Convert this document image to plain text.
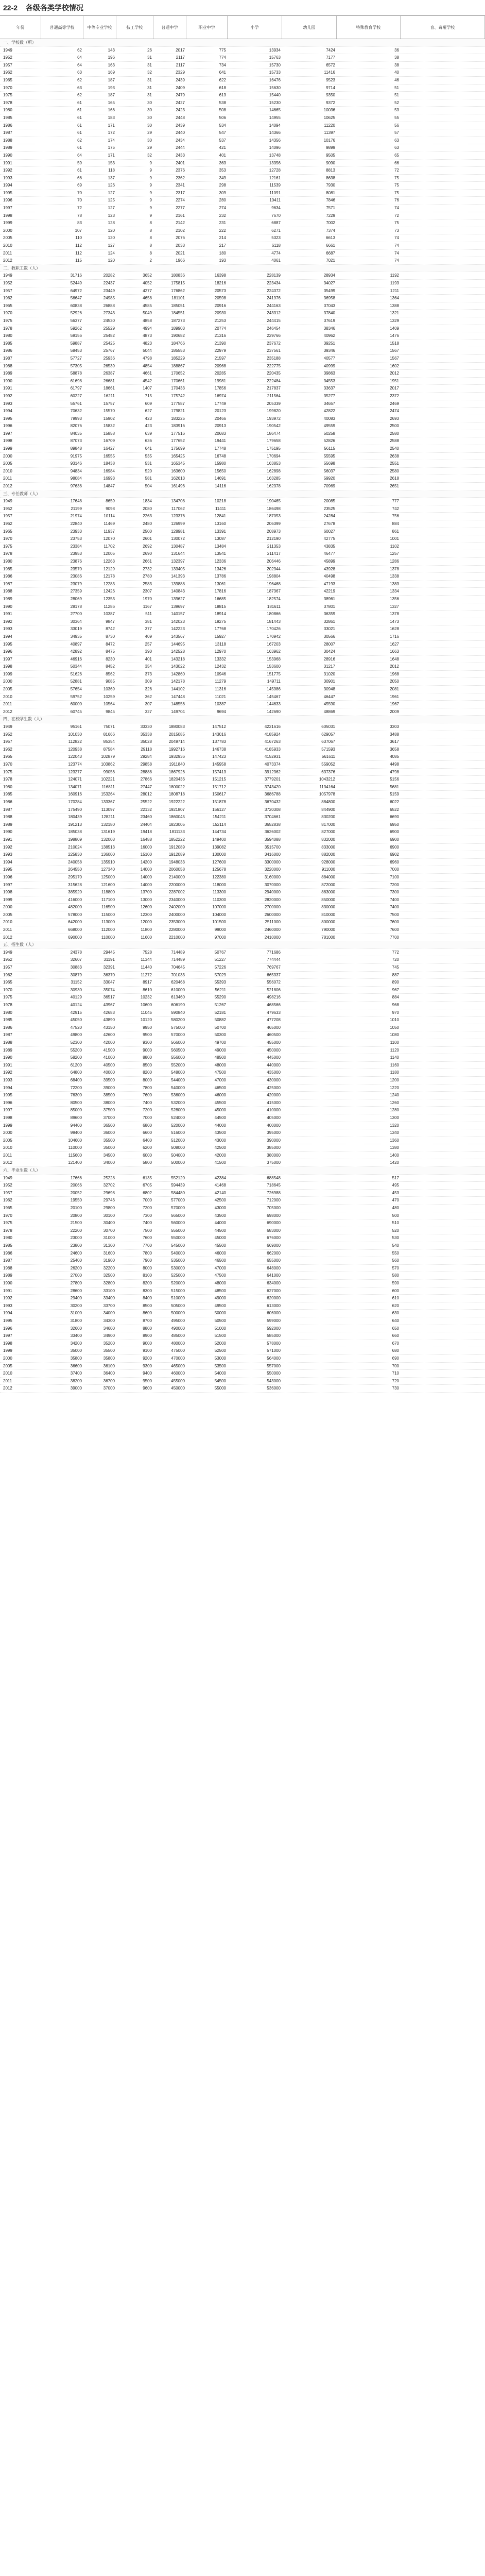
22-2 各级各类学校情况
年份	普通高等学校	中等专业学校	技工学校	普通中学	职业中学	小学	幼儿园	特殊教育学校	盲、聋哑学校
一、学校数（所）
1949	62	143	26	2017	775	13934	7424	36
1952	64	196	31	2117	774	15763	7177	38
1957	64	163	31	2117	734	15730	6572	38
1962	63	169	32	2329	641	15733	11416	40
1965	62	187	31	2439	622	16476	9523	46
1970	63	193	31	2409	618	15630	9714	51
1975	62	187	31	2479	613	15440	9350	51
1978	61	165	30	2427	538	15230	9372	52
1980	61	166	30	2423	508	14665	10036	53
1985	61	183	30	2448	506	14955	10625	55
1986	61	171	30	2439	534	14094	11220	56
1987	61	172	29	2440	547	14366	11397	57
1988	62	174	30	2434	537	14356	10176	63
1989	61	175	29	2444	421	14096	9899	63
1990	64	171	32	2433	401	13748	9505	65
1991	59	153	9	2401	363	13356	9090	66
1992	61	118	9	2376	353	12728	8813	72
1993	66	137	9	2362	349	12161	8638	75
1994	69	126	9	2341	298	11539	7930	75
1995	70	127	9	2317	309	11091	8081	75
1996	70	125	9	2274	280	10411	7846	76
1997	72	127	9	2277	274	9634	7571	74
1998	78	123	9	2161	232	7670	7229	72
1999	83	128	8	2142	231	6887	7002	75
2000	107	120	8	2102	222	6271	7374	73
2005	110	120	8	2076	214	5323	6613	74
2010	112	127	8	2033	217	6118	6661	74
2011	112	124	8	2021	180	4774	6687	74
2012	115	120	2	1966	193	4061	7021	74
二、教职工数（人）
1949	31716	20282	3652	180836	16398	228139	28934	1192
1952	52449	22437	4052	175815	18216	223434	34027	1193
1957	64972	23449	4277	176862	20573	224372	35499	1211
1962	56647	24985	4658	181101	20598	241976	36958	1364
1965	60838	26888	4585	185051	20916	244163	37043	1388
1970	52926	27343	5049	184551	20930	243312	37840	1321
1975	56377	24530	4858	187273	21253	244415	37619	1329
1978	59262	25529	4994	189903	20774	246454	38346	1409
1980	59156	25482	4873	190682	21316	229766	40962	1476
1985	59887	25425	4823	184766	21390	237672	39251	1518
1986	58453	25767	5044	185553	22979	237561	39346	1567
1987	57727	25936	4798	185229	21597	235188	40577	1567
1988	57305	26539	4854	188867	20968	222775	40999	1602
1989	58878	26387	4661	170652	20285	220435	39863	2012
1990	61698	26681	4542	170661	19981	222484	34553	1951
1991	61797	18661	1407	170433	17856	217837	33637	2017
1992	60227	16211	715	175742	16974	211564	35277	2372
1993	55761	15757	609	177587	17749	205339	34657	2469
1994	70632	15570	627	179821	20123	199820	42822	2474
1995	79993	15902	423	183225	20466	193972	40083	2693
1996	82076	15832	423	183916	20913	190542	49559	2500
1997	84035	15858	639	177516	20683	186474	50258	2580
1998	87073	16709	636	177652	19441	179658	52826	2588
1999	89848	16427	641	175699	17748	175195	56115	2540
2000	91975	16555	535	165425	16748	170694	55595	2638
2005	93146	18438	531	165345	15980	163853	55698	2551
2010	94834	16984	520	163600	15650	162898	56037	2580
2011	98084	16993	581	162613	14691	163285	59920	2618
2012	97636	14847	504	161496	14116	162378	70969	2651
三、专任教师（人）
1949	17648	8659	1834	134708	10218	190465	20085	777
1952	21199	9098	2080	117062	11411	186498	23525	742
1957	21974	10114	2263	123376	12841	187053	24284	756
1962	22840	11469	2480	126999	13160	206399	27678	884
1965	23933	11937	2500	128981	13391	208973	60027	861
1970	23753	12070	2601	130072	13087	212190	42775	1001
1975	23384	11702	2692	130487	13484	211353	43835	1102
1978	23953	12005	2690	131644	13541	211417	46477	1257
1980	23876	12263	2661	132397	12336	206446	45899	1286
1985	23570	12129	2732	133405	13426	202344	43928	1378
1986	23086	12178	2780	141393	13786	198804	40498	1338
1987	23079	12283	2583	139888	13061	196468	47193	1383
1988	27359	12426	2307	140843	17816	187367	42219	1334
1989	28069	12353	1970	139627	16685	182574	38961	1356
1990	28178	11286	1167	139697	18815	181611	37801	1327
1991	27700	10387	511	140157	18914	180866	36359	1378
1992	30364	9847	381	142023	19275	181443	32861	1473
1993	33019	8742	377	142223	17768	170426	33021	1628
1994	34935	8730	409	143567	15927	170942	30566	1716
1995	40897	8472	257	144695	13118	167203	28007	1627
1996	42892	8475	390	142528	12970	163962	30424	1663
1997	46916	8230	401	143218	13332	153968	28916	1648
1998	50344	8452	354	143022	12432	153600	31217	2012
1999	51626	8562	373	142860	10946	151775	31020	1968
2000	52881	9085	309	142178	11279	149711	30901	2050
2005	57654	10369	326	144102	11316	145986	30948	2081
2010	59752	10259	362	147448	11021	145467	46447	1961
2011	60000	10564	307	148556	10387	144633	45590	1967
2012	60745	9845	327	149704	9694	142690	48869	2009
四、在校学生数（人）
1949	95161	75071	33330	1880083	147512	4221616	605031	3303
1952	101030	81666	35338	2015085	143016	4185924	629057	3488
1957	112822	85354	35028	2049714	137783	4167263	637067	3617
1962	120938	87584	29118	1992716	146738	4185933	571593	3658
1965	122043	102879	29284	1932936	147423	4152931	561611	4085
1970	123774	103862	29858	1911840	145958	4073374	559052	4498
1975	123277	99056	28888	1867926	157413	3912362	637376	4798
1978	124071	102221	27866	1820436	151215	3779201	1043212	5156
1980	134071	116811	27447	1800022	151712	3743420	1134164	5681
1985	160916	153264	28012	1808718	150617	3686788	1057978	5159
1986	170284	133367	25522	1922222	151878	3670432	884800	6022
1987	175490	113097	22132	1921807	156127	3720308	844900	6522
1988	180439	128211	23460	1860045	154211	3704661	830200	6690
1989	191213	132180	24404	1823005	152114	3652838	817000	6950
1990	185038	131619	19418	1811133	144734	3626002	827000	6900
1991	198809	132003	16488	1852222	149400	3594088	832000	6900
1992	210024	138513	16000	1912089	139082	3515700	833000	6900
1993	225830	136000	15100	1912089	130000	3416000	882000	6902
1994	240058	135910	14200	1948033	127600	3300000	928000	6960
1995	264550	127340	14000	2060058	125678	3220000	911000	7000
1996	295170	125000	14000	2140000	122380	3160000	884000	7100
1997	315628	121600	14000	2200000	118000	3070000	872000	7200
1998	385920	118800	13700	2287002	113300	2940000	863000	7300
1999	416000	117100	13000	2340000	110300	2820000	850000	7400
2000	482000	116500	12600	2402000	107000	2700000	830000	7400
2005	578000	115000	12300	2400000	104000	2600000	810000	7500
2010	642000	113000	12000	2353000	101500	2511000	800000	7600
2011	668000	112000	11800	2280000	99000	2460000	790000	7600
2012	690000	110000	11600	2210000	97000	2410000	781000	7700
五、招生数（人）
1949	24378	29445	7528	714489	50767	771686	772
1952	32607	31191	11344	714489	51227	774444	720
1957	30883	32391	11440	704645	57226	769767	745
1962	30879	36370	11272	701033	57029	665337	887
1965	31152	33047	8917	620468	55393	556072	890
1970	30930	35074	8610	610000	56211	521806	967
1975	40129	36517	10232	613460	55290	498216	884
1978	40124	43967	10600	606190	51267	468566	968
1980	42915	42683	11045	590840	52181	479633	970
1985	45050	43890	10120	580200	50882	477208	1010
1986	47520	43150	9950	575000	50700	465000	1050
1987	49800	42600	9500	570000	50300	460500	1080
1988	52300	42000	9300	566000	49700	455000	1100
1989	55200	41500	9000	560500	49000	450000	1120
1990	58200	41000	8800	556000	48500	445000	1140
1991	61200	40500	8500	552000	48000	440000	1160
1992	64800	40000	8200	548000	47500	435000	1180
1993	68400	39500	8000	544000	47000	430000	1200
1994	72200	39000	7800	540000	46500	425000	1220
1995	76300	38500	7600	536000	46000	420000	1240
1996	80500	38000	7400	532000	45500	415000	1260
1997	85000	37500	7200	528000	45000	410000	1280
1998	89600	37000	7000	524000	44500	405000	1300
1999	94400	36500	6800	520000	44000	400000	1320
2000	99400	36000	6600	516000	43500	395000	1340
2005	104600	35500	6400	512000	43000	390000	1360
2010	110000	35000	6200	508000	42500	385000	1380
2011	115600	34500	6000	504000	42000	380000	1400
2012	121400	34000	5800	500000	41500	375000	1420
六、毕业生数（人）
1949	17666	25228	6135	552120	42384	688548	517
1952	20066	32702	6705	594439	41468	718645	495
1957	20052	29698	6802	584480	42140	726988	453
1962	19550	29746	7000	577000	42500	712000	470
1965	20100	29800	7200	570000	43000	705000	480
1970	20800	30100	7300	565000	43500	698000	500
1975	21500	30400	7400	560000	44000	690000	510
1978	22200	30700	7500	555000	44500	683000	520
1980	23000	31000	7600	550000	45000	676000	530
1985	23800	31300	7700	545000	45500	669000	540
1986	24600	31600	7800	540000	46000	662000	550
1987	25400	31900	7900	535000	46500	655000	560
1988	26200	32200	8000	530000	47000	648000	570
1989	27000	32500	8100	525000	47500	641000	580
1990	27800	32800	8200	520000	48000	634000	590
1991	28600	33100	8300	515000	48500	627000	600
1992	29400	33400	8400	510000	49000	620000	610
1993	30200	33700	8500	505000	49500	613000	620
1994	31000	34000	8600	500000	50000	606000	630
1995	31800	34300	8700	495000	50500	599000	640
1996	32600	34600	8800	490000	51000	592000	650
1997	33400	34900	8900	485000	51500	585000	660
1998	34200	35200	9000	480000	52000	578000	670
1999	35000	35500	9100	475000	52500	571000	680
2000	35800	35800	9200	470000	53000	564000	690
2005	36600	36100	9300	465000	53500	557000	700
2010	37400	36400	9400	460000	54000	550000	710
2011	38200	36700	9500	455000	54500	543000	720
2012	39000	37000	9600	450000	55000	536000	730
